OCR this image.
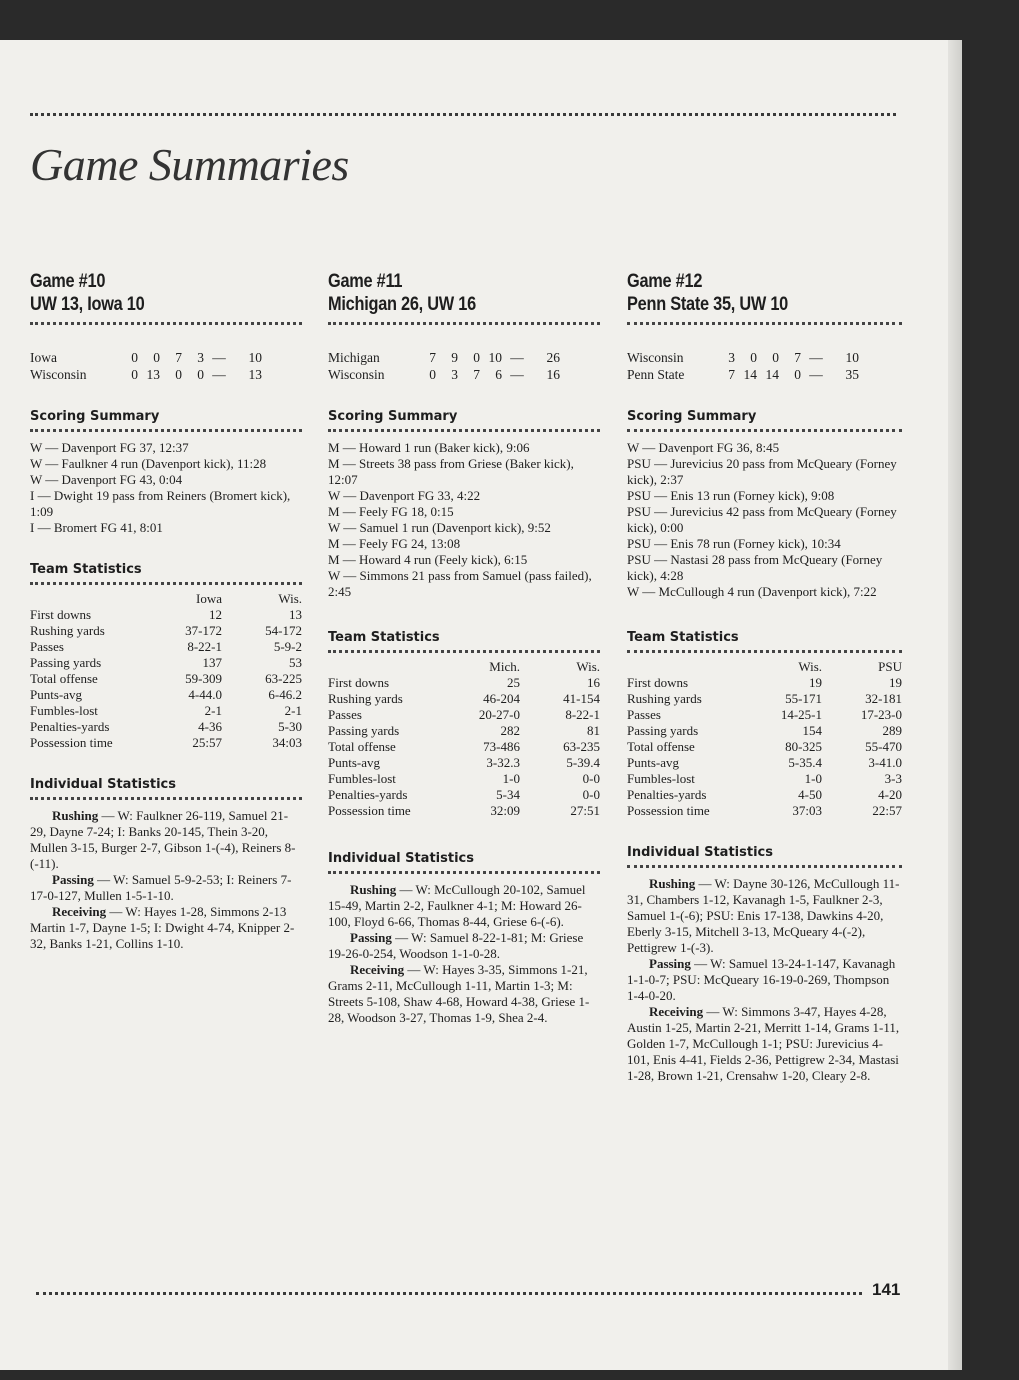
Game Summaries
Game #10
UW 13, Iowa 10
Iowa	0	0	7	3	—	10
Wisconsin	0	13	0	0	—	13
Scoring Summary
W — Davenport FG 37, 12:37
W — Faulkner 4 run (Davenport kick), 11:28
W — Davenport FG 43, 0:04
I — Dwight 19 pass from Reiners (Bromert kick), 1:09
I — Bromert FG 41, 8:01
Team Statistics
	Iowa	Wis.
First downs	12	13
Rushing yards	37-172	54-172
Passes	8-22-1	5-9-2
Passing yards	137	53
Total offense	59-309	63-225
Punts-avg	4-44.0	6-46.2
Fumbles-lost	2-1	2-1
Penalties-yards	4-36	5-30
Possession time	25:57	34:03
Individual Statistics

Rushing — W: Faulkner 26-119, Samuel 21-29, Dayne 7-24; I: Banks 20-145, Thein 3-20, Mullen 3-15, Burger 2-7, Gibson 1-(-4), Reiners 8-(-11).

Passing — W: Samuel 5-9-2-53; I: Reiners 7-17-0-127, Mullen 1-5-1-10.

Receiving — W: Hayes 1-28, Simmons 2-13 Martin 1-7, Dayne 1-5; I: Dwight 4-74, Knipper 2-32, Banks 1-21, Collins 1-10.

Game #11
Michigan 26, UW 16
Michigan	7	9	0	10	—	26
Wisconsin	0	3	7	6	—	16
Scoring Summary
M — Howard 1 run (Baker kick), 9:06
M — Streets 38 pass from Griese (Baker kick), 12:07
W — Davenport FG 33, 4:22
M — Feely FG 18, 0:15
W — Samuel 1 run (Davenport kick), 9:52
M — Feely FG 24, 13:08
M — Howard 4 run (Feely kick), 6:15
W — Simmons 21 pass from Samuel (pass failed), 2:45
Team Statistics
	Mich.	Wis.
First downs	25	16
Rushing yards	46-204	41-154
Passes	20-27-0	8-22-1
Passing yards	282	81
Total offense	73-486	63-235
Punts-avg	3-32.3	5-39.4
Fumbles-lost	1-0	0-0
Penalties-yards	5-34	0-0
Possession time	32:09	27:51
Individual Statistics

Rushing — W: McCullough 20-102, Samuel 15-49, Martin 2-2, Faulkner 4-1; M: Howard 26-100, Floyd 6-66, Thomas 8-44, Griese 6-(-6).

Passing — W: Samuel 8-22-1-81; M: Griese 19-26-0-254, Woodson 1-1-0-28.

Receiving — W: Hayes 3-35, Simmons 1-21, Grams 2-11, McCullough 1-11, Martin 1-3; M: Streets 5-108, Shaw 4-68, Howard 4-38, Griese 1-28, Woodson 3-27, Thomas 1-9, Shea 2-4.

Game #12
Penn State 35, UW 10
Wisconsin	3	0	0	7	—	10
Penn State	7	14	14	0	—	35
Scoring Summary
W — Davenport FG 36, 8:45
PSU — Jurevicius 20 pass from McQueary (Forney kick), 2:37
PSU — Enis 13 run (Forney kick), 9:08
PSU — Jurevicius 42 pass from McQueary (Forney kick), 0:00
PSU — Enis 78 run (Forney kick), 10:34
PSU — Nastasi 28 pass from McQueary (Forney kick), 4:28
W — McCullough 4 run (Davenport kick), 7:22
Team Statistics
	Wis.	PSU
First downs	19	19
Rushing yards	55-171	32-181
Passes	14-25-1	17-23-0
Passing yards	154	289
Total offense	80-325	55-470
Punts-avg	5-35.4	3-41.0
Fumbles-lost	1-0	3-3
Penalties-yards	4-50	4-20
Possession time	37:03	22:57
Individual Statistics

Rushing — W: Dayne 30-126, McCullough 11-31, Chambers 1-12, Kavanagh 1-5, Faulkner 2-3, Samuel 1-(-6); PSU: Enis 17-138, Dawkins 4-20, Eberly 3-15, Mitchell 3-13, McQueary 4-(-2), Pettigrew 1-(-3).

Passing — W: Samuel 13-24-1-147, Kavanagh 1-1-0-7; PSU: McQueary 16-19-0-269, Thompson 1-4-0-20.

Receiving — W: Simmons 3-47, Hayes 4-28, Austin 1-25, Martin 2-21, Merritt 1-14, Grams 1-11, Golden 1-7, McCullough 1-1; PSU: Jurevicius 4-101, Enis 4-41, Fields 2-36, Pettigrew 2-34, Mastasi 1-28, Brown 1-21, Crensahw 1-20, Cleary 2-8.

141
